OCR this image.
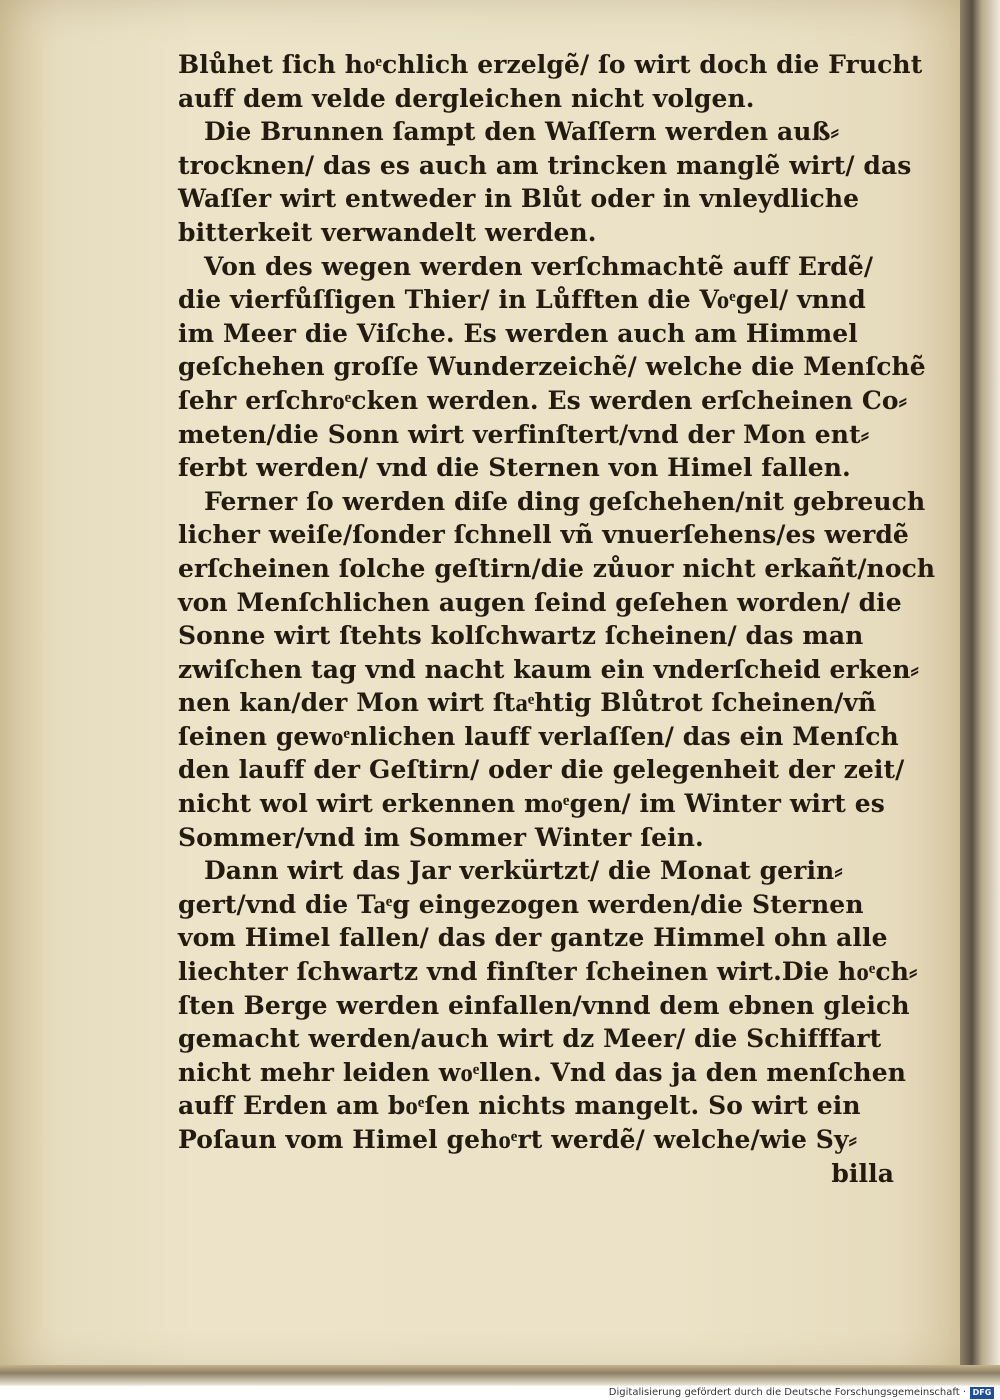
Blůhet ſich hoͤchlich erzelgẽ/ ſo wirt doch die Frucht
auff dem velde dergleichen nicht volgen.
Die Brunnen ſampt den Waſſern werden auß⸗
trocknen/ das es auch am trincken manglẽ wirt/ das
Waſſer wirt entweder in Blůt oder in vnleydliche
bitterkeit verwandelt werden.
Von des wegen werden verſchmachtẽ auff Erdẽ/
die vierfůſſigen Thier/ in Lůfften die Voͤgel/ vnnd
im Meer die Viſche. Es werden auch am Himmel
geſchehen groſſe Wunderzeichẽ/ welche die Menſchẽ
ſehr erſchroͤcken werden. Es werden erſcheinen Co⸗
meten/die Sonn wirt verfinſtert/vnd der Mon ent⸗
ferbt werden/ vnd die Sternen von Himel fallen.
Ferner ſo werden diſe ding geſchehen/nit gebreuch
licher weiſe/ſonder ſchnell vñ vnuerſehens/es werdẽ
erſcheinen ſolche geſtirn/die zůuor nicht erkañt/noch
von Menſchlichen augen ſeind geſehen worden/ die
Sonne wirt ſtehts kolſchwartz ſcheinen/ das man
zwiſchen tag vnd nacht kaum ein vnderſcheid erken⸗
nen kan/der Mon wirt ſtaͤhtig Blůtrot ſcheinen/vñ
ſeinen gewoͤnlichen lauff verlaſſen/ das ein Menſch
den lauff der Geſtirn/ oder die gelegenheit der zeit/
nicht wol wirt erkennen moͤgen/ im Winter wirt es
Sommer/vnd im Sommer Winter ſein.
Dann wirt das Jar verkürtzt/ die Monat gerin⸗
gert/vnd die Taͤg eingezogen werden/die Sternen
vom Himel fallen/ das der gantze Himmel ohn alle
liechter ſchwartz vnd finſter ſcheinen wirt.Die hoͤch⸗
ſten Berge werden einfallen/vnnd dem ebnen gleich
gemacht werden/auch wirt dz Meer/ die Schifffart
nicht mehr leiden woͤllen. Vnd das ja den menſchen
auff Erden am boͤſen nichts mangelt. So wirt ein
Poſaun vom Himel gehoͤrt werdẽ/ welche/wie Sy⸗
billa
Digitalisierung gefördert durch die Deutsche Forschungsgemeinschaft · DFG
